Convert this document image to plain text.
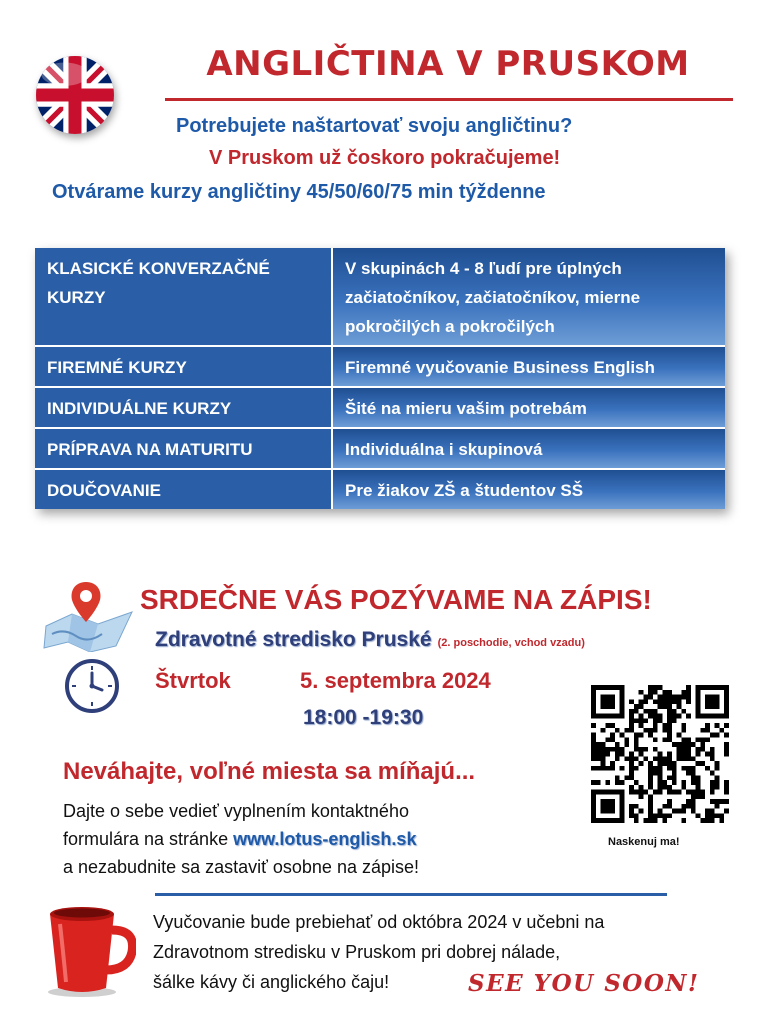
ANGLIČTINA V PRUSKOM
Potrebujete naštartovať svoju angličtinu?
V Pruskom už čoskoro pokračujeme!
Otvárame kurzy angličtiny 45/50/60/75 min týždenne
KLASICKÉ KONVERZAČNÉ KURZY	V skupinách 4 - 8 ľudí pre úplných začiatočníkov, začiatočníkov, mierne pokročilých a pokročilých
FIREMNÉ KURZY	Firemné vyučovanie Business English
INDIVIDUÁLNE KURZY	Šité na mieru vašim potrebám
PRÍPRAVA NA MATURITU	Individuálna i skupinová
DOUČOVANIE	Pre žiakov ZŠ a študentov SŠ
SRDEČNE VÁS POZÝVAME NA ZÁPIS!
Zdravotné stredisko Pruské (2. poschodie, vchod vzadu)
Štvrtok	5. septembra 2024
18:00 -19:30
Neváhajte, voľné miesta sa míňajú...
Dajte o sebe vedieť vyplnením kontaktného
formulára na stránke www.lotus-english.sk
a nezabudnite sa zastaviť osobne na zápise!
Naskenuj ma!
Vyučovanie bude prebiehať od októbra 2024 v učebni na
Zdravotnom stredisku v Pruskom pri dobrej nálade,
šálke kávy či anglického čaju!	SEE YOU SOON!
